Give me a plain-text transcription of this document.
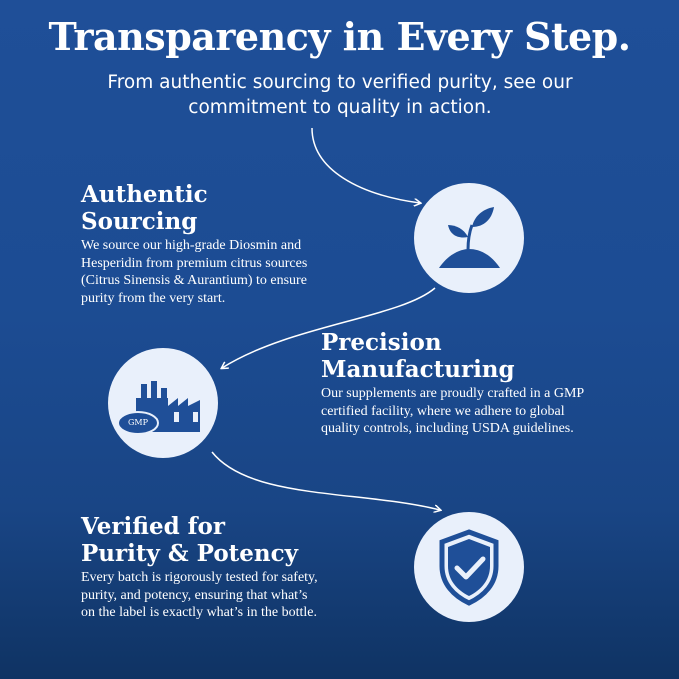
Transparency in Every Step.
From authentic sourcing to verified purity, see our commitment to quality in action.

Authentic
Sourcing

We source our high-grade Diosmin and Hesperidin from premium citrus sources (Citrus Sinensis & Aurantium) to ensure purity from the very start.

GMP

Precision
Manufacturing

Our supplements are proudly crafted in a GMP certified facility, where we adhere to global quality controls, including USDA guidelines.

Verified for
Purity & Potency

Every batch is rigorously tested for safety, purity, and potency, ensuring that what’s on the label is exactly what’s in the bottle.
